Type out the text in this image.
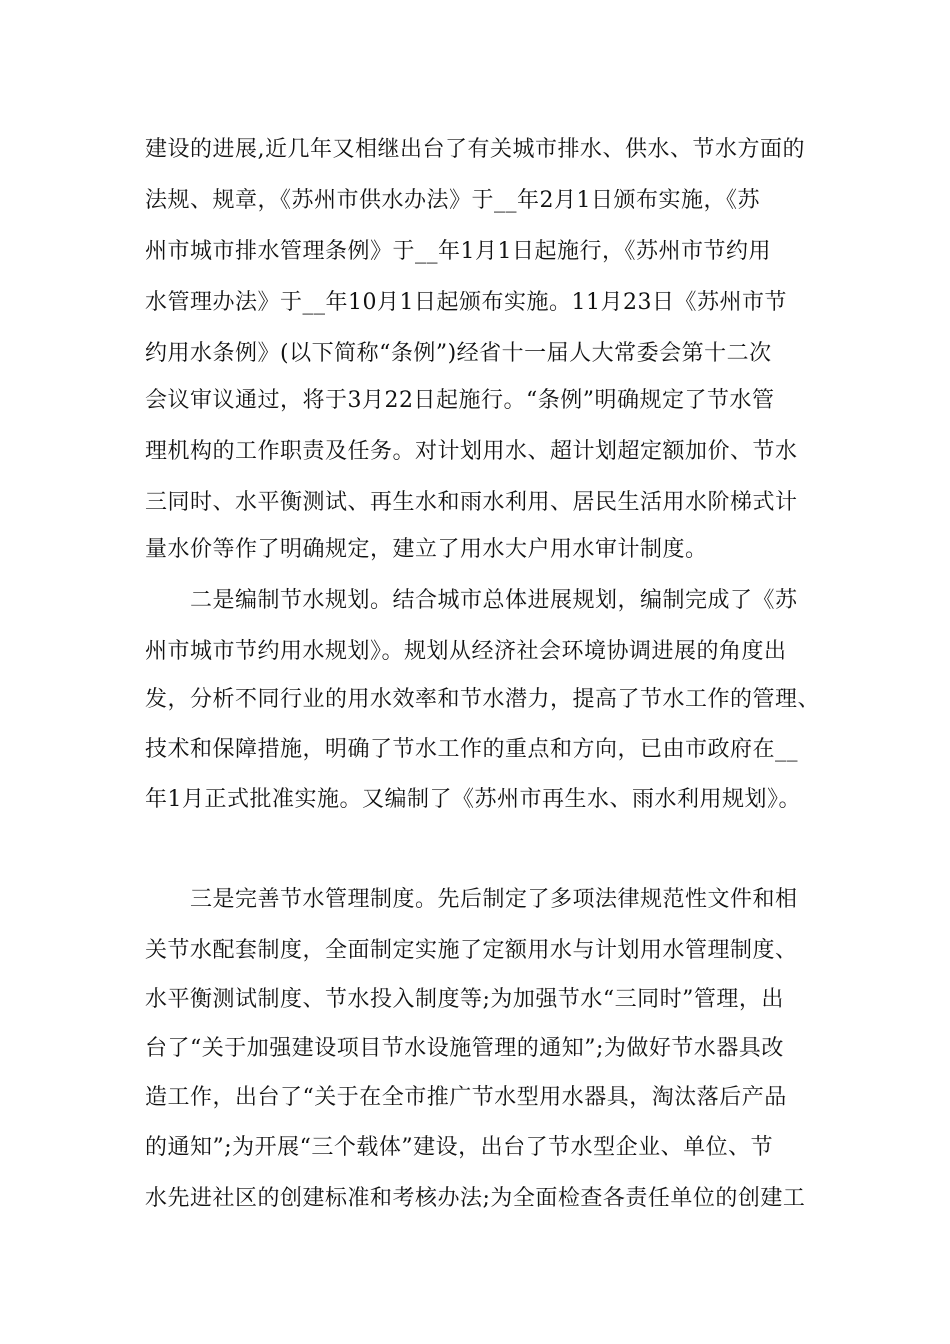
建设的进展,近几年又相继出台了有关城市排水、供水、节水方面的
法规、规章，《苏州市供水办法》于__年2月1日颁布实施，《苏
州市城市排水管理条例》于__年1月1日起施行，《苏州市节约用
水管理办法》于__年10月1日起颁布实施。11月23日《苏州市节
约用水条例》(以下简称“条例”)经省十一届人大常委会第十二次
会议审议通过，将于3月22日起施行。“条例”明确规定了节水管
理机构的工作职责及任务。对计划用水、超计划超定额加价、节水
三同时、水平衡测试、再生水和雨水利用、居民生活用水阶梯式计
量水价等作了明确规定，建立了用水大户用水审计制度。
二是编制节水规划。结合城市总体进展规划，编制完成了《苏
州市城市节约用水规划》。规划从经济社会环境协调进展的角度出
发，分析不同行业的用水效率和节水潜力，提高了节水工作的管理、
技术和保障措施，明确了节水工作的重点和方向，已由市政府在__
年1月正式批准实施。又编制了《苏州市再生水、雨水利用规划》。
三是完善节水管理制度。先后制定了多项法律规范性文件和相
关节水配套制度，全面制定实施了定额用水与计划用水管理制度、
水平衡测试制度、节水投入制度等;为加强节水“三同时”管理，出
台了“关于加强建设项目节水设施管理的通知”;为做好节水器具改
造工作，出台了“关于在全市推广节水型用水器具，淘汰落后产品
的通知”;为开展“三个载体”建设，出台了节水型企业、单位、节
水先进社区的创建标准和考核办法;为全面检查各责任单位的创建工
